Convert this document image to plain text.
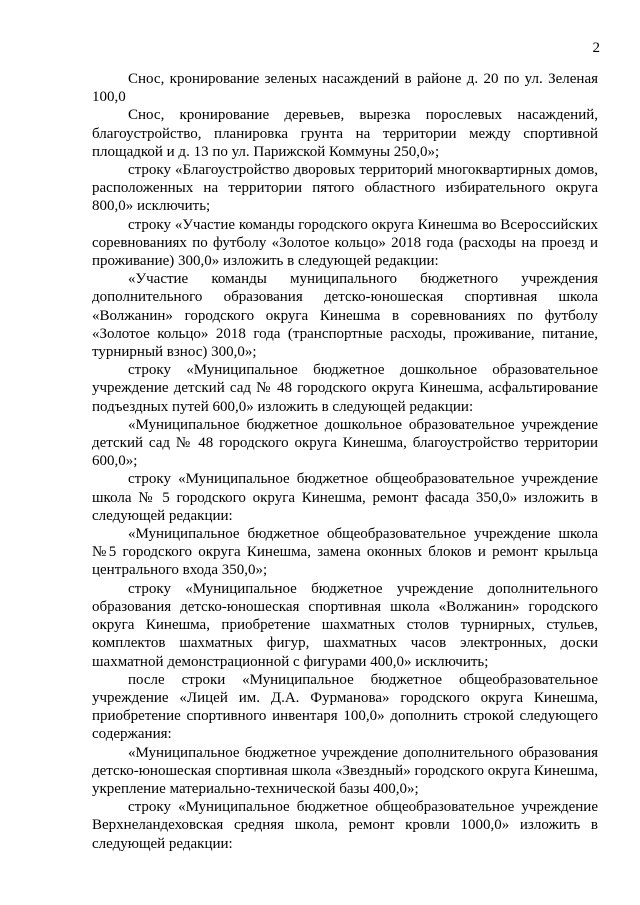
2

Снос, кронирование зеленых насаждений в районе д. 20 по ул. Зеленая 100,0

Снос, кронирование деревьев, вырезка порослевых насаждений, благоустройство, планировка грунта на территории между спортивной площадкой и д. 13 по ул. Парижской Коммуны 250,0»;

строку «Благоустройство дворовых территорий многоквартирных домов, расположенных на территории пятого областного избирательного округа 800,0» исключить;

строку «Участие команды городского округа Кинешма во Всероссийских соревнованиях по футболу «Золотое кольцо» 2018 года (расходы на проезд и проживание) 300,0» изложить в следующей редакции:

«Участие команды муниципального бюджетного учреждения дополнительного образования детско-юношеская спортивная школа «Волжанин» городского округа Кинешма в соревнованиях по футболу «Золотое кольцо» 2018 года (транспортные расходы, проживание, питание, турнирный взнос) 300,0»;

строку «Муниципальное бюджетное дошкольное образовательное учреждение детский сад № 48 городского округа Кинешма, асфальтирование подъездных путей 600,0» изложить в следующей редакции:

«Муниципальное бюджетное дошкольное образовательное учреждение детский сад № 48 городского округа Кинешма, благоустройство территории 600,0»;

строку «Муниципальное бюджетное общеобразовательное учреждение школа № 5 городского округа Кинешма, ремонт фасада 350,0» изложить в следующей редакции:

«Муниципальное бюджетное общеобразовательное учреждение школа №5 городского округа Кинешма, замена оконных блоков и ремонт крыльца центрального входа 350,0»;

строку «Муниципальное бюджетное учреждение дополнительного образования детско-юношеская спортивная школа «Волжанин» городского округа Кинешма, приобретение шахматных столов турнирных, стульев, комплектов шахматных фигур, шахматных часов электронных, доски шахматной демонстрационной с фигурами 400,0» исключить;

после строки «Муниципальное бюджетное общеобразовательное учреждение «Лицей им. Д.А. Фурманова» городского округа Кинешма, приобретение спортивного инвентаря 100,0» дополнить строкой следующего содержания:

«Муниципальное бюджетное учреждение дополнительного образования детско-юношеская спортивная школа «Звездный» городского округа Кинешма, укрепление материально-технической базы 400,0»;

строку «Муниципальное бюджетное общеобразовательное учреждение Верхнеландеховская средняя школа, ремонт кровли 1000,0» изложить в следующей редакции:
